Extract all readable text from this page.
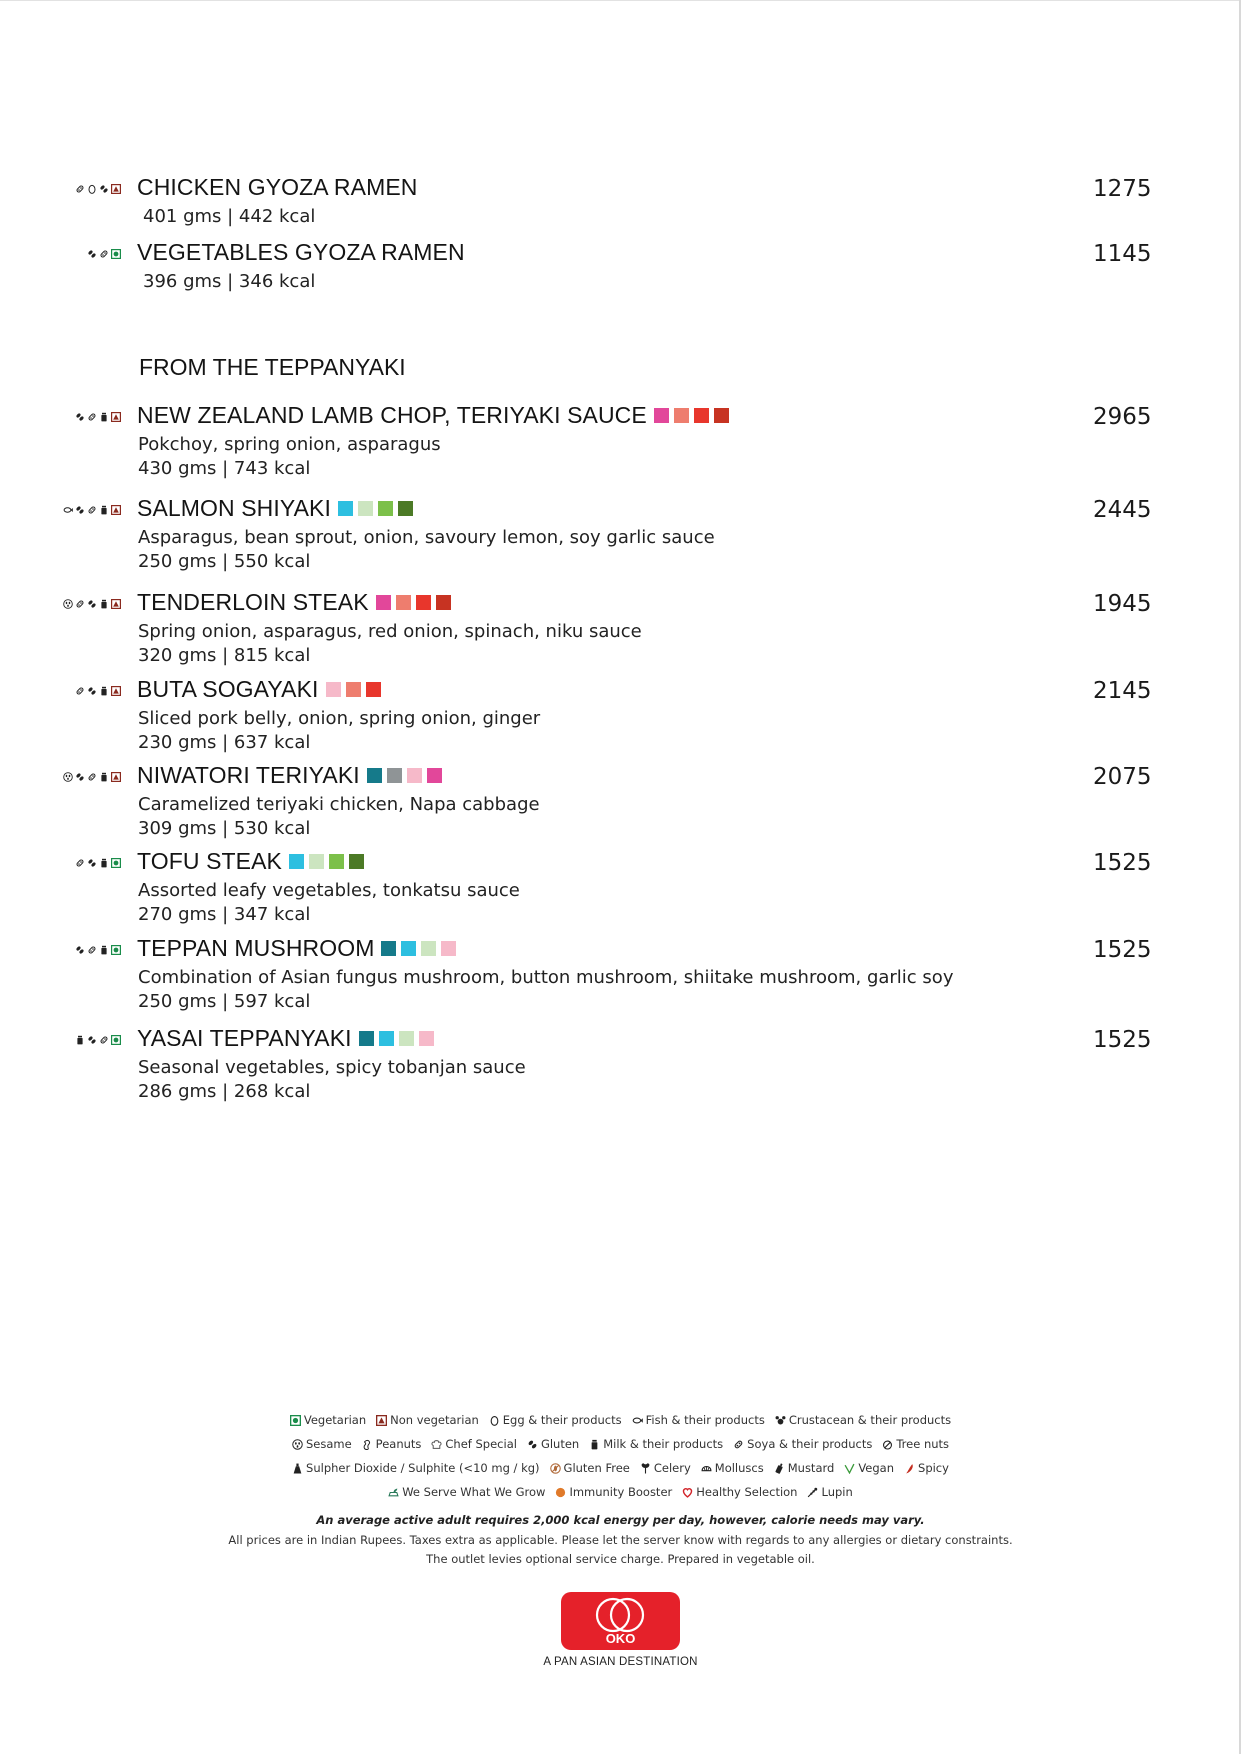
CHICKEN GYOZA RAMEN
401 gms | 442 kcal
1275
VEGETABLES GYOZA RAMEN
396 gms | 346 kcal
1145
NEW ZEALAND LAMB CHOP, TERIYAKI SAUCE
Pokchoy, spring onion, asparagus
430 gms | 743 kcal
2965
SALMON SHIYAKI
Asparagus, bean sprout, onion, savoury lemon, soy garlic sauce
250 gms | 550 kcal
2445
TENDERLOIN STEAK
Spring onion, asparagus, red onion, spinach, niku sauce
320 gms | 815 kcal
1945
BUTA SOGAYAKI
Sliced pork belly, onion, spring onion, ginger
230 gms | 637 kcal
2145
NIWATORI TERIYAKI
Caramelized teriyaki chicken, Napa cabbage
309 gms | 530 kcal
2075
TOFU STEAK
Assorted leafy vegetables, tonkatsu sauce
270 gms | 347 kcal
1525
TEPPAN MUSHROOM
Combination of Asian fungus mushroom, button mushroom, shiitake mushroom, garlic soy
250 gms | 597 kcal
1525
YASAI TEPPANYAKI
Seasonal vegetables, spicy tobanjan sauce
286 gms | 268 kcal
1525
FROM THE TEPPANYAKI
Vegetarian Non vegetarian Egg & their products Fish & their products Crustacean & their products
Sesame Peanuts Chef Special Gluten Milk & their products Soya & their products Tree nuts
Sulpher Dioxide / Sulphite (<10 mg / kg) Gluten Free Celery Molluscs Mustard Vegan Spicy
We Serve What We Grow Immunity Booster Healthy Selection Lupin
An average active adult requires 2,000 kcal energy per day, however, calorie needs may vary.
All prices are in Indian Rupees. Taxes extra as applicable. Please let the server know with regards to any allergies or dietary constraints.
The outlet levies optional service charge. Prepared in vegetable oil.
OKO
A PAN ASIAN DESTINATION
